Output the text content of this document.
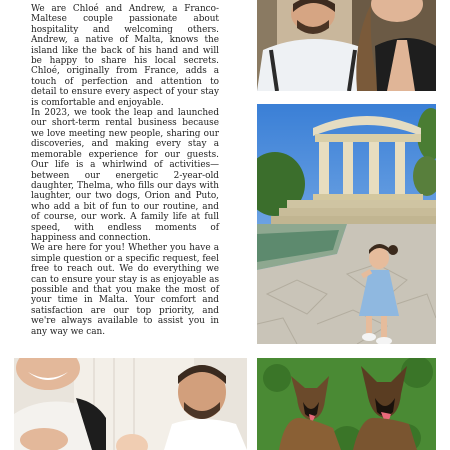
We are Chloé and Andrew, a Franco-Maltese couple passionate about hospitality and welcoming others. Andrew, a native of Malta, knows the island like the back of his hand and will be happy to share his local secrets. Chloé, originally from France, adds a touch of perfection and attention to detail to ensure every aspect of your stay is comfortable and enjoyable.

In 2023, we took the leap and launched our short-term rental business because we love meeting new people, sharing our discoveries, and making every stay a memorable experience for our guests. Our life is a whirlwind of activities—between our energetic 2-year-old daughter, Thelma, who fills our days with laughter, our two dogs, Orion and Puto, who add a bit of fun to our routine, and of course, our work. A family life at full speed, with endless moments of happiness and connection.

We are here for you! Whether you have a simple question or a specific request, feel free to reach out. We do everything we can to ensure your stay is as enjoyable as possible and that you make the most of your time in Malta. Your comfort and satisfaction are our top priority, and we're always available to assist you in any way we can.
